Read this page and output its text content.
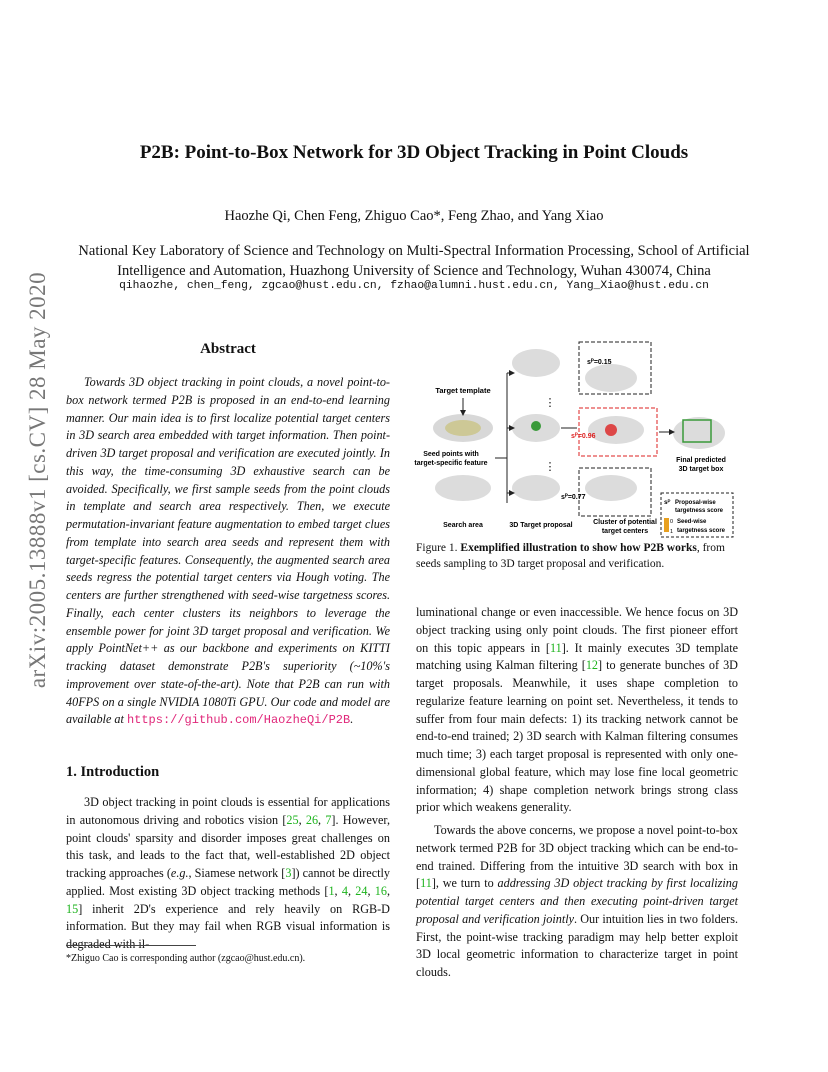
arXiv:2005.13888v1 [cs.CV] 28 May 2020
P2B: Point-to-Box Network for 3D Object Tracking in Point Clouds
Haozhe Qi, Chen Feng, Zhiguo Cao*, Feng Zhao, and Yang Xiao
National Key Laboratory of Science and Technology on Multi-Spectral Information Processing, School of Artificial Intelligence and Automation, Huazhong University of Science and Technology, Wuhan 430074, China
qihaozhe, chen_feng, zgcao@hust.edu.cn, fzhao@alumni.hust.edu.cn, Yang_Xiao@hust.edu.cn
Abstract

Towards 3D object tracking in point clouds, a novel point-to-box network termed P2B is proposed in an end-to-end learning manner. Our main idea is to first localize potential target centers in 3D search area embedded with target information. Then point-driven 3D target proposal and verification are executed jointly. In this way, the time-consuming 3D exhaustive search can be avoided. Specifically, we first sample seeds from the point clouds in template and search area respectively. Then, we execute permutation-invariant feature augmentation to embed target clues from template into search area seeds and represent them with target-specific features. Consequently, the augmented search area seeds regress the potential target centers via Hough voting. The centers are further strengthened with seed-wise targetness scores. Finally, each center clusters its neighbors to leverage the ensemble power for joint 3D target proposal and verification. We apply PointNet++ as our backbone and experiments on KITTI tracking dataset demonstrate P2B's superiority (~10%'s improvement over state-of-the-art). Note that P2B can run with 40FPS on a single NVIDIA 1080Ti GPU. Our code and model are available at https://github.com/HaozheQi/P2B.

1. Introduction

3D object tracking in point clouds is essential for applications in autonomous driving and robotics vision [25, 26, 7]. However, point clouds' sparsity and disorder imposes great challenges on this task, and leads to the fact that, well-established 2D object tracking approaches (e.g., Siamese network [3]) cannot be directly applied. Most existing 3D object tracking methods [1, 4, 24, 16, 15] inherit 2D's experience and rely heavily on RGB-D information. But they may fail when RGB visual information is degraded with il-

*Zhiguo Cao is corresponding author (zgcao@hust.edu.cn).
Target template
Seed points with
target-specific feature
Search area	3D Target proposal	Cluster of potential
target centers
Final predicted
3D target box
sᴾ=0.15
sᴾ=0.96
sᴾ=0.77
⋮
⋮
sᴾ Proposal-wise
targetness score
0
1
Seed-wise
targetness score
Figure 1. Exemplified illustration to show how P2B works, from seeds sampling to 3D target proposal and verification.

luminational change or even inaccessible. We hence focus on 3D object tracking using only point clouds. The first pioneer effort on this topic appears in [11]. It mainly executes 3D template matching using Kalman filtering [12] to generate bunches of 3D target proposals. Meanwhile, it uses shape completion to regularize feature learning on point set. Nevertheless, it tends to suffer from four main defects: 1) its tracking network cannot be end-to-end trained; 2) 3D search with Kalman filtering consumes much time; 3) each target proposal is represented with only one-dimensional global feature, which may lose fine local geometric information; 4) shape completion network brings strong class prior which weakens generality.

Towards the above concerns, we propose a novel point-to-box network termed P2B for 3D object tracking which can be end-to-end trained. Differing from the intuitive 3D search with box in [11], we turn to addressing 3D object tracking by first localizing potential target centers and then executing point-driven target proposal and verification jointly. Our intuition lies in two folders. First, the point-wise tracking paradigm may help better exploit 3D local geometric information to characterize target in point clouds.
